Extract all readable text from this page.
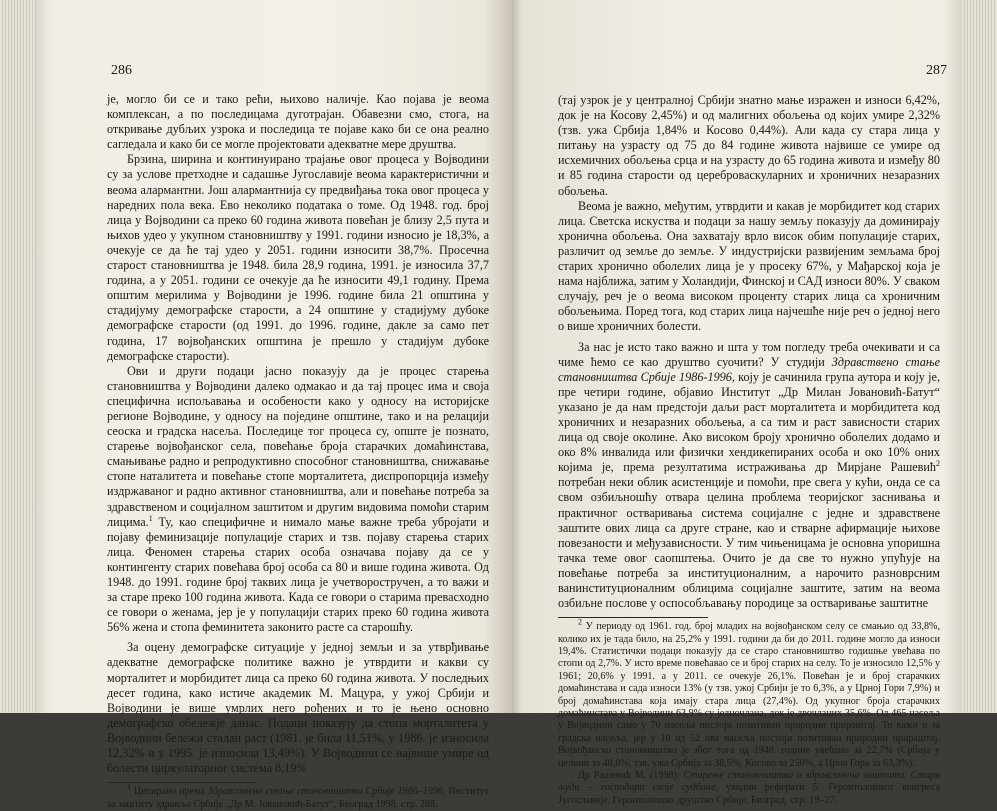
286

је, могло би се и тако рећи, њихово наличје. Као појава је веома комплексан, а по последицама дуготрајан. Обавезни смо, стога, на откривање дубљих узрока и последица те појаве како би се она реално сагледала и како би се могле пројектовати адекватне мере друштва.

Брзина, ширина и континуирано трајање овог процеса у Војводини су за услове претходне и садашње Југославије веома карактеристични и веома алармантни. Још алармантнија су предвиђања тока овог процеса у наредних пола века. Ево неколико података о томе. Од 1948. год. број лица у Војводини са преко 60 година живота повећан је близу 2,5 пута и њихов удео у укупном становништву у 1991. години износио је 18,3%, а очекује се да ће тај удео у 2051. години износити 38,7%. Просечна старост становништва је 1948. била 28,9 година, 1991. је износила 37,7 година, а у 2051. години се очекује да ће износити 49,1 годину. Према општим мерилима у Војводини је 1996. године била 21 општина у стадијуму демографске старости, а 24 општине у стадијуму дубоке демографске старости (од 1991. до 1996. године, дакле за само пет година, 17 војвођанских општина је прешло у стадијум дубоке демографске старости).

Ови и други подаци јасно показују да је процес старења становништва у Војводини далеко одмакао и да тај процес има и своја специфична испољавања и особености како у односу на историјске регионе Војводине, у односу на поједине општине, тако и на релацији сеоска и градска насеља. Последице тог процеса су, опште је познато, старење војвођанског села, повећање броја старачких домаћинстава, смањивање радно и репродуктивно способног становништва, снижавање стопе наталитета и повећање стопе морталитета, диспропорција између издржаваног и радно активног становништва, али и повећање потреба за здравственом и социјалном заштитом и другим видовима помоћи старим лицима.$^1$ Ту, као специфичне и нимало мање важне треба убројати и појаву феминизације популације старих и тзв. појаву старења старих лица. Феномен старења старих особа означава појаву да се у контингенту старих повећава број особа са 80 и више година живота. Од 1948. до 1991. године број таквих лица је учетворостручен, а то важи и за старе преко 100 година живота. Када се говори о старима превасходно се говори о женама, јер је у популацији старих преко 60 година живота 56% жена и стопа феминитета законито расте са старошћу.

За оцену демографске ситуације у једној земљи и за утврђивање адекватне демографске политике важно је утврдити и какви су морталитет и морбидитет лица са преко 60 година живота. У последњих десет година, како истиче академик М. Мацура, у ужој Србији и Војводини је више умрлих него рођених и то је њено основно демографско обележје данас. Подаци показују да стопа морталитета у Војводини бележи сталан раст (1981. је била 11,51%, у 1986. је износила 12,32% и у 1995. је износила 13,49%). У Војводини се највише умире од болести циркулаторног система 8,19%

$^1$ Цитирано према Здравствено стање становништва Србије 1986–1996, Институт за заштиту здравља Србије „Др М. Јовановић-Батут“, Београд 1998. стр. 288.

287

(тај узрок је у централној Србији знатно мање изражен и износи 6,42%, док је на Косову 2,45%) и од малигних обољења од којих умире 2,32% (тзв. ужа Србија 1,84% и Косово 0,44%). Али када су стара лица у питању на узрасту од 75 до 84 године живота највише се умире од исхемичних обољења срца и на узрасту до 65 година живота и између 80 и 85 година старости од цереброваскуларних и хроничних незаразних обољења.

Веома је важно, међутим, утврдити и какав је морбидитет код старих лица. Светска искуства и подаци за нашу земљу показују да доминирају хронична обољења. Она захватају врло висок обим популације старих, различит од земље до земље. У индустријски развијеним земљама број старих хронично оболелих лица је у просеку 67%, у Мађарској која је нама најближа, затим у Холандији, Финској и САД износи 80%. У сваком случају, реч је о веома високом проценту старих лица са хроничним обољењима. Поред тога, код старих лица најчешће није реч о једној него о више хроничних болести.

За нас је исто тако важно и шта у том погледу треба очекивати и са чиме ћемо се као друштво суочити? У студији Здравствено стање становништва Србије 1986-1996, коју је сачинила група аутора и коју је, пре четири године, објавио Институт „Др Милан Јовановић-Батут“ указано је да нам предстоји даљи раст морталитета и морбидитета код хроничних и незаразних обољења, а са тим и раст зависности старих лица од своје околине. Ако високом броју хронично оболелих додамо и око 8% инвалида или физички хендикепираних особа и око 10% оних којима је, према резултатима истраживања др Мирјане Рашевић$^2$ потребан неки облик асистенције и помоћи, пре свега у кући, онда се са свом озбиљношћу отвара целина проблема теоријског заснивања и практичног остваривања система социјалне с једне и здравствене заштите ових лица са друге стране, као и стварне афирмације њихове повезаности и међузависности. У тим чињеницама је основна упоришна тачка теме овог саопштења. Очито је да све то нужно упућује на повећање потреба за институционалним, а нарочито разноврсним ванинституционалним облицима социјалне заштите, затим на веома озбиљне послове у оспособљавању породице за остваривање заштитне

$^2$ У периоду од 1961. год. број младих на војвођанском селу се смањио од 33,8%, колико их је тада било, на 25,2% у 1991. години да би до 2011. године могло да износи 19,4%. Статистички подаци показују да се старо становништво годишње увећава по стопи од 2,7%. У исто време повећавао се и број старих на селу. То је износило 12,5% у 1961; 20,6% у 1991. а у 2011. се очекује 26,1%. Повећан је и број старачких домаћинстава и сада износи 13% (у тзв. ужој Србији је то 6,3%, а у Црној Гори 7,9%) и број домаћинстава која имају стара лица (27,4%). Од укупног броја старачких домаћинстава у Војводини 63,9% су једночлана, док је двочланих 35,6%. Од 465 насеља у Војводини само у 70 насеља постоји позитиван природни прираштај. То важи и за градска насеља, јер у 10 од 52 ова насеља постоји позитиван природни прираштај. Војвођанско становништво је због тога од 1948. године увећано за 22,7% (Србија у целини за 48,8%, тзв. ужа Србија за 38,5%, Косово за 250%, а Црна Гора за 63,3%).

Др Рашевић М. (1998): Старење становништва и здравствена заштита. Стари људи – господари своје судбине, уводни реферати 5. Геронтолошког конгреса Југославије, Геронтолошко друштво Србије, Београд, стр. 19–27.
